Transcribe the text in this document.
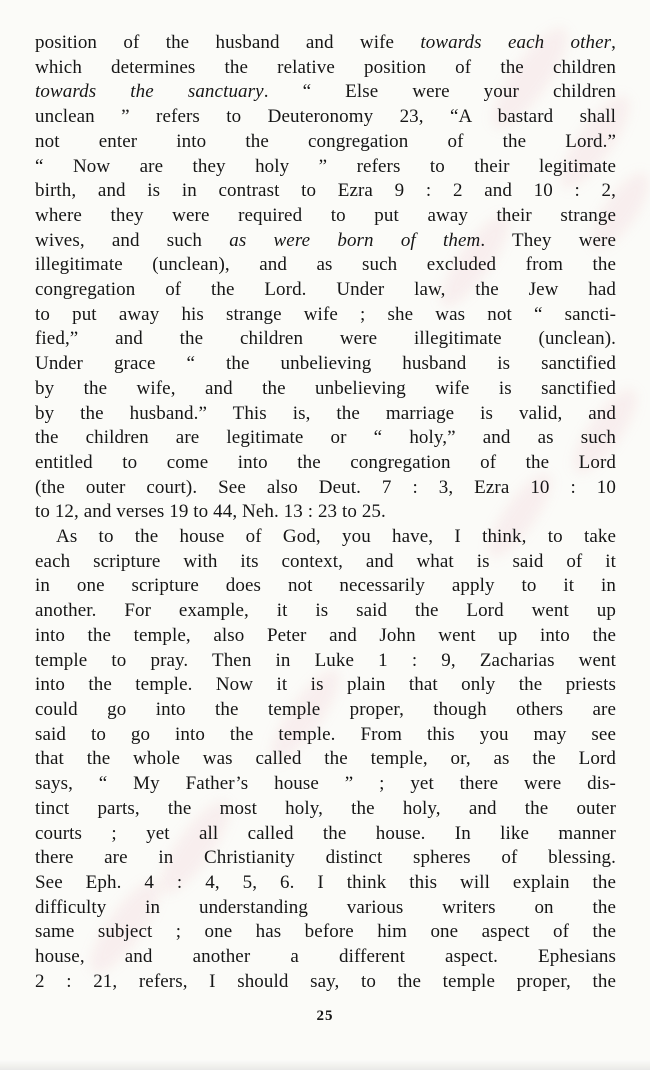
position of the husband and wife towards each other,
which determines the relative position of the children
towards the sanctuary. “ Else were your children
unclean ” refers to Deuteronomy 23, “A bastard shall
not enter into the congregation of the Lord.”
“ Now are they holy ” refers to their legitimate
birth, and is in contrast to Ezra 9 : 2 and 10 : 2,
where they were required to put away their strange
wives, and such as were born of them. They were
illegitimate (unclean), and as such excluded from the
congregation of the Lord. Under law, the Jew had
to put away his strange wife ; she was not “ sancti-
fied,” and the children were illegitimate (unclean).
Under grace “ the unbelieving husband is sanctified
by the wife, and the unbelieving wife is sanctified
by the husband.” This is, the marriage is valid, and
the children are legitimate or “ holy,” and as such
entitled to come into the congregation of the Lord
(the outer court). See also Deut. 7 : 3, Ezra 10 : 10
to 12, and verses 19 to 44, Neh. 13 : 23 to 25.
As to the house of God, you have, I think, to take
each scripture with its context, and what is said of it
in one scripture does not necessarily apply to it in
another. For example, it is said the Lord went up
into the temple, also Peter and John went up into the
temple to pray. Then in Luke 1 : 9, Zacharias went
into the temple. Now it is plain that only the priests
could go into the temple proper, though others are
said to go into the temple. From this you may see
that the whole was called the temple, or, as the Lord
says, “ My Father’s house ” ; yet there were dis-
tinct parts, the most holy, the holy, and the outer
courts ; yet all called the house. In like manner
there are in Christianity distinct spheres of blessing.
See Eph. 4 : 4, 5, 6. I think this will explain the
difficulty in understanding various writers on the
same subject ; one has before him one aspect of the
house, and another a different aspect. Ephesians
2 : 21, refers, I should say, to the temple proper, the
25
